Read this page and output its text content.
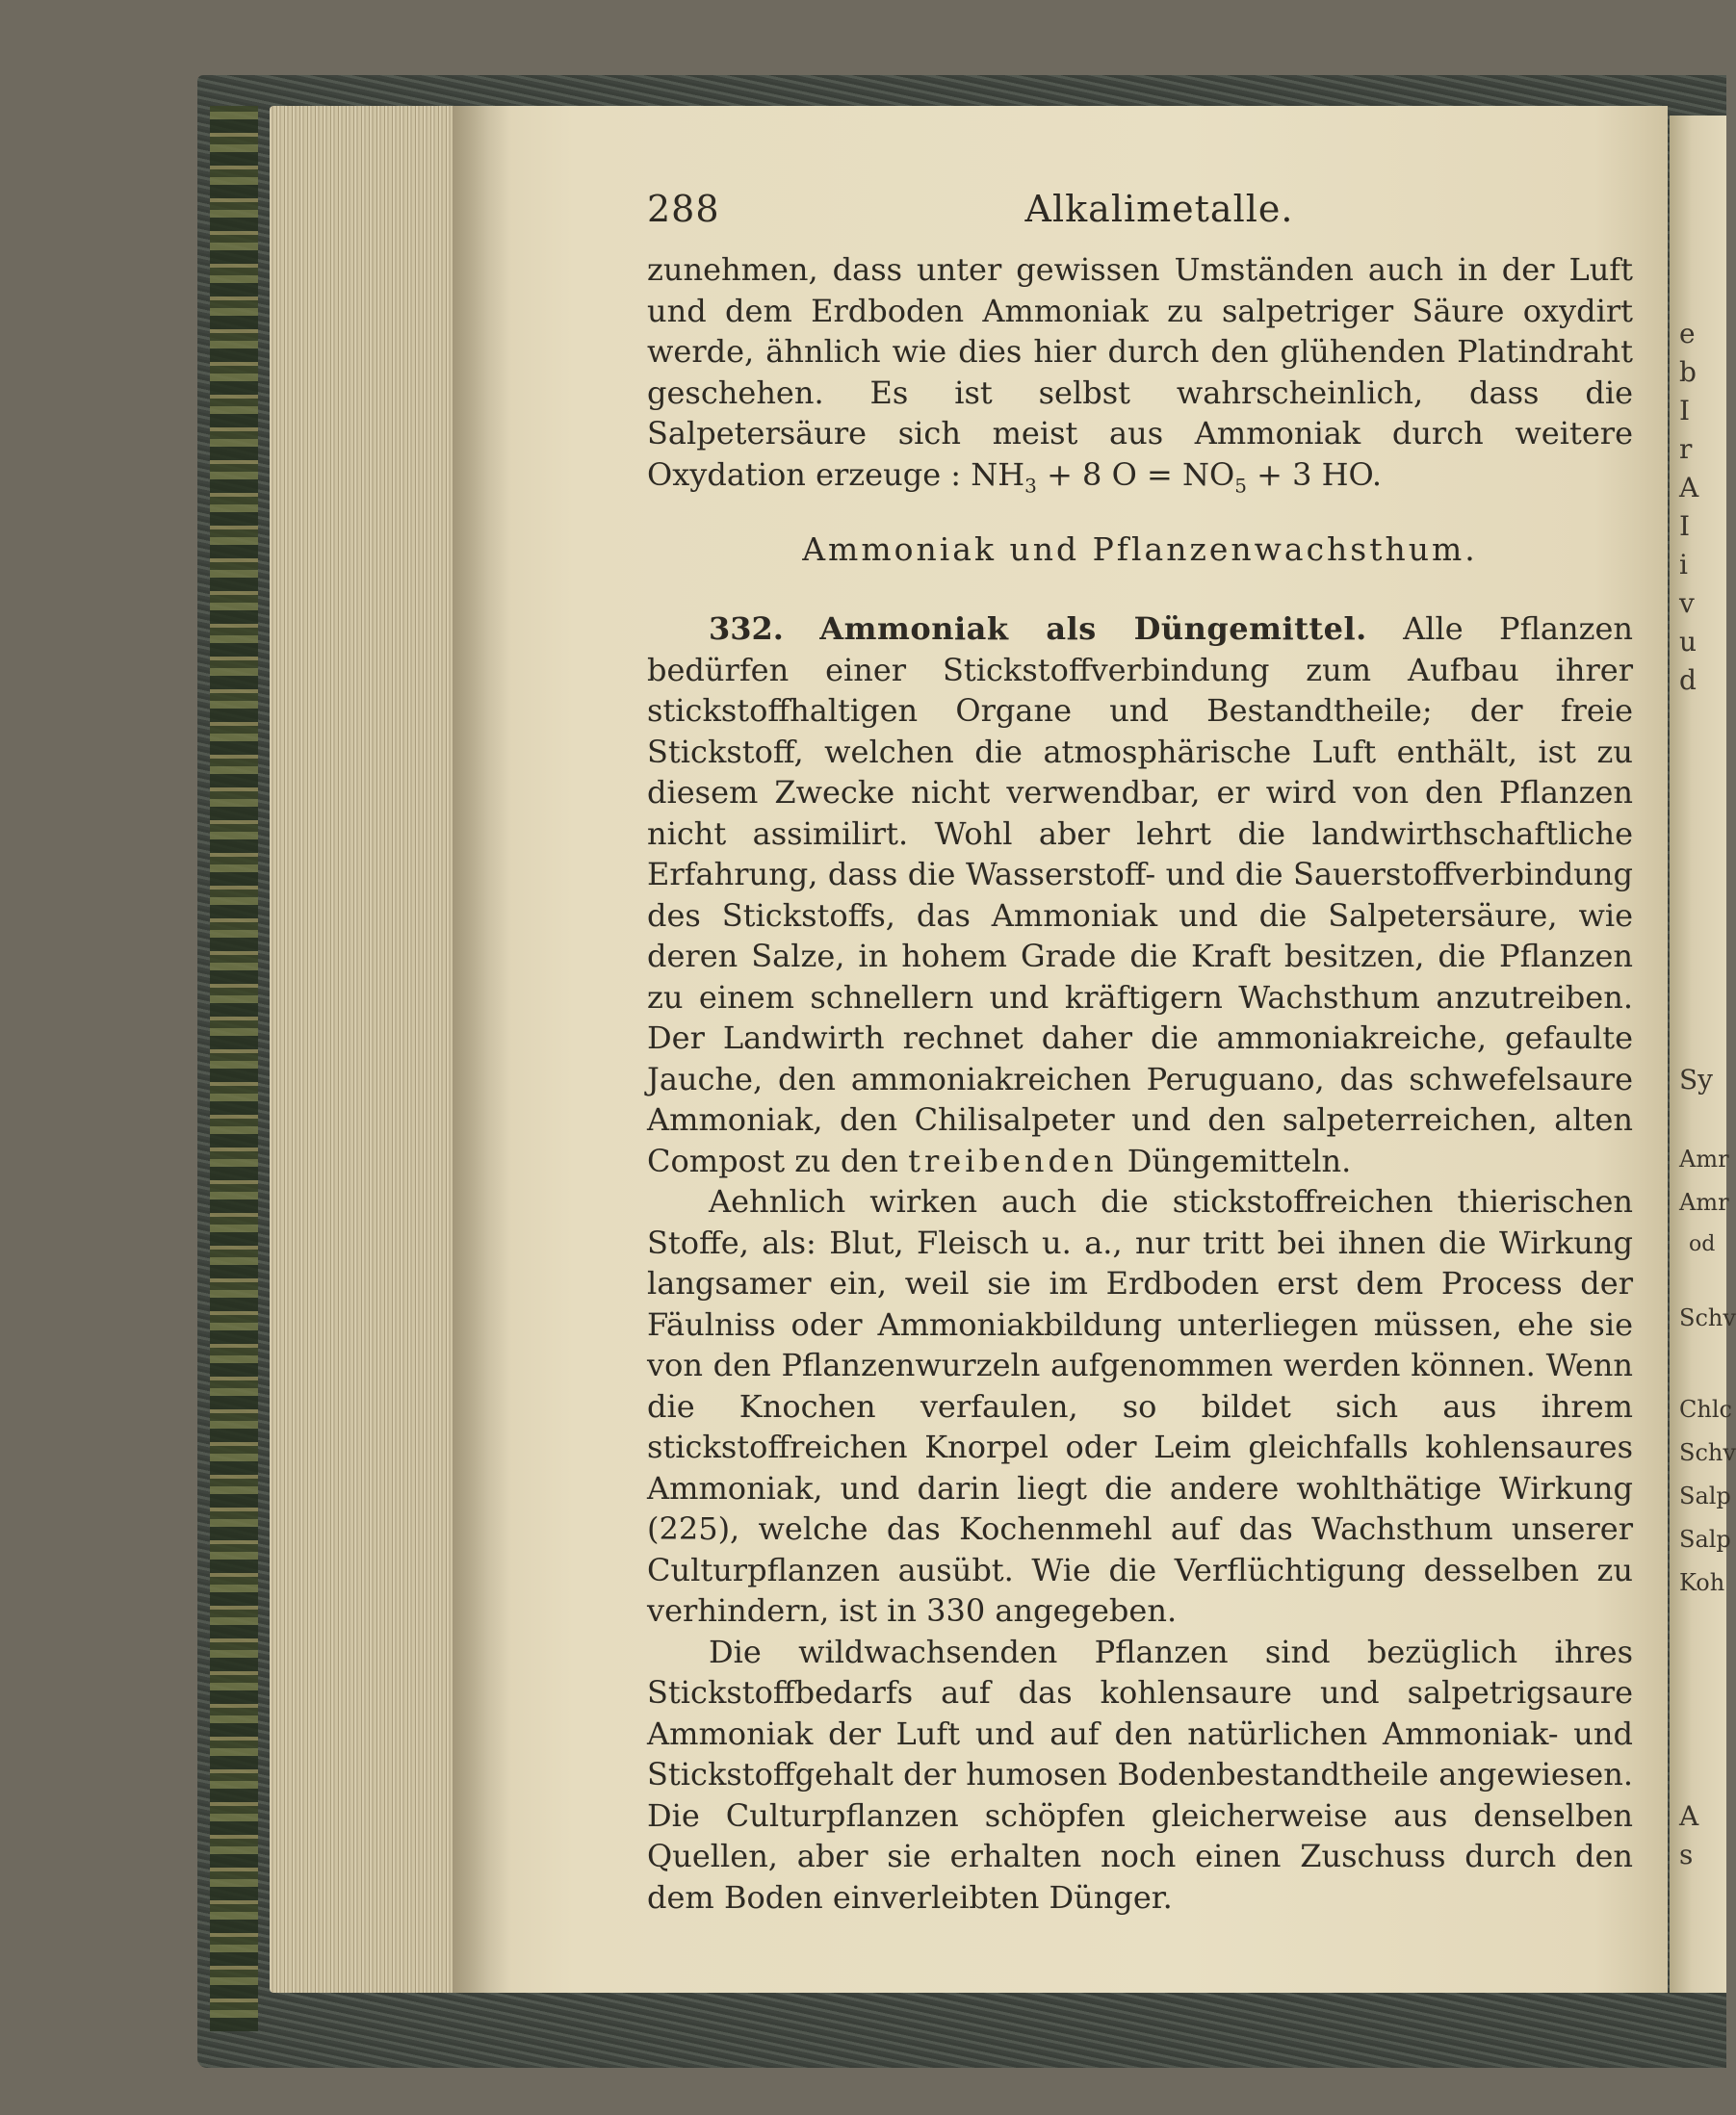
e
b
I
r
A
I
i
v
u
d
Sy
Amr
Amr
od
Schv
Chlc
Schv
Salp
Salp
Koh
A
s
288	Alkalimetalle.

zunehmen, dass unter gewissen Umständen auch in der Luft und dem Erdboden Ammoniak zu salpetriger Säure oxydirt werde, ähnlich wie dies hier durch den glühenden Platindraht geschehen. Es ist selbst wahrscheinlich, dass die Salpetersäure sich meist aus Ammoniak durch weitere Oxydation erzeuge : $NH_3 + 8$ $O = NO_5 + 3$ HO.

Ammoniak und Pflanzenwachsthum.

332. Ammoniak als Düngemittel. Alle Pflanzen bedürfen einer Stickstoffverbindung zum Aufbau ihrer stickstoffhaltigen Organe und Bestandtheile; der freie Stickstoff, welchen die atmosphärische Luft enthält, ist zu diesem Zwecke nicht verwendbar, er wird von den Pflanzen nicht assimilirt. Wohl aber lehrt die landwirthschaftliche Erfahrung, dass die Wasserstoff- und die Sauerstoffverbindung des Stickstoffs, das Ammoniak und die Salpetersäure, wie deren Salze, in hohem Grade die Kraft besitzen, die Pflanzen zu einem schnellern und kräftigern Wachsthum anzutreiben. Der Landwirth rechnet daher die ammoniakreiche, gefaulte Jauche, den ammoniakreichen Peruguano, das schwefelsaure Ammoniak, den Chilisalpeter und den salpeterreichen, alten Compost zu den treibenden Düngemitteln.

Aehnlich wirken auch die stickstoffreichen thierischen Stoffe, als: Blut, Fleisch u. a., nur tritt bei ihnen die Wirkung langsamer ein, weil sie im Erdboden erst dem Process der Fäulniss oder Ammoniakbildung unterliegen müssen, ehe sie von den Pflanzenwurzeln aufgenommen werden können. Wenn die Knochen verfaulen, so bildet sich aus ihrem stickstoffreichen Knorpel oder Leim gleichfalls kohlensaures Ammoniak, und darin liegt die andere wohlthätige Wirkung (225), welche das Kochenmehl auf das Wachsthum unserer Culturpflanzen ausübt. Wie die Verflüchtigung desselben zu verhindern, ist in 330 angegeben.

Die wildwachsenden Pflanzen sind bezüglich ihres Stickstoffbedarfs auf das kohlensaure und salpetrigsaure Ammoniak der Luft und auf den natürlichen Ammoniak- und Stickstoffgehalt der humosen Bodenbestandtheile angewiesen. Die Culturpflanzen schöpfen gleicherweise aus denselben Quellen, aber sie erhalten noch einen Zuschuss durch den dem Boden einverleibten Dünger.
